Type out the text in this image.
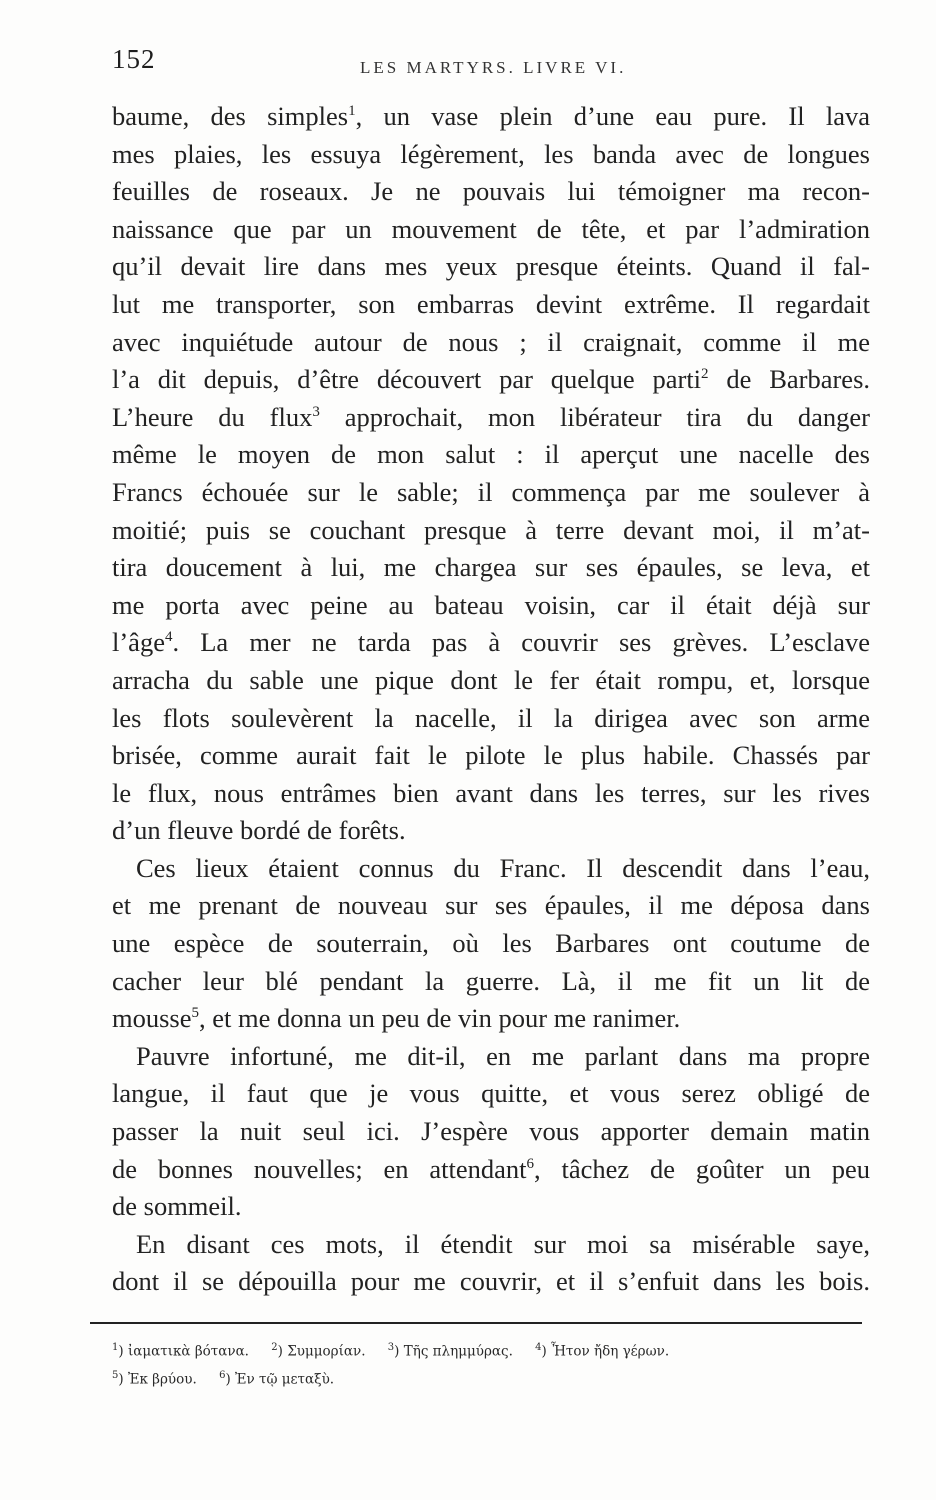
152	LES MARTYRS. LIVRE VI.
baume, des simples$^1$, un vase plein d’une eau pure. Il lava
mes plaies, les essuya légèrement, les banda avec de longues
feuilles de roseaux. Je ne pouvais lui témoigner ma recon-
naissance que par un mouvement de tête, et par l’admiration
qu’il devait lire dans mes yeux presque éteints. Quand il fal-
lut me transporter, son embarras devint extrême. Il regardait
avec inquiétude autour de nous ; il craignait, comme il me
l’a dit depuis, d’être découvert par quelque parti$^2$ de Barbares.
L’heure du flux$^3$ approchait, mon libérateur tira du danger
même le moyen de mon salut : il aperçut une nacelle des
Francs échouée sur le sable; il commença par me soulever à
moitié; puis se couchant presque à terre devant moi, il m’at-
tira doucement à lui, me chargea sur ses épaules, se leva, et
me porta avec peine au bateau voisin, car il était déjà sur
l’âge$^4$. La mer ne tarda pas à couvrir ses grèves. L’esclave
arracha du sable une pique dont le fer était rompu, et, lorsque
les flots soulevèrent la nacelle, il la dirigea avec son arme
brisée, comme aurait fait le pilote le plus habile. Chassés par
le flux, nous entrâmes bien avant dans les terres, sur les rives
d’un fleuve bordé de forêts.
Ces lieux étaient connus du Franc. Il descendit dans l’eau,
et me prenant de nouveau sur ses épaules, il me déposa dans
une espèce de souterrain, où les Barbares ont coutume de
cacher leur blé pendant la guerre. Là, il me fit un lit de
mousse$^5$, et me donna un peu de vin pour me ranimer.
Pauvre infortuné, me dit-il, en me parlant dans ma propre
langue, il faut que je vous quitte, et vous serez obligé de
passer la nuit seul ici. J’espère vous apporter demain matin
de bonnes nouvelles; en attendant$^6$, tâchez de goûter un peu
de sommeil.
En disant ces mots, il étendit sur moi sa misérable saye,
dont il se dépouilla pour me couvrir, et il s’enfuit dans les bois.
$^1$) ἰαματικὰ βότανα. $^2$) Συμμορίαν. $^3$) Τῆς πλημμύρας. $^4$) Ἦτον ἤδη γέρων.
$^5$) Ἐκ βρύου. $^6$) Ἐν τῷ μεταξὺ.
